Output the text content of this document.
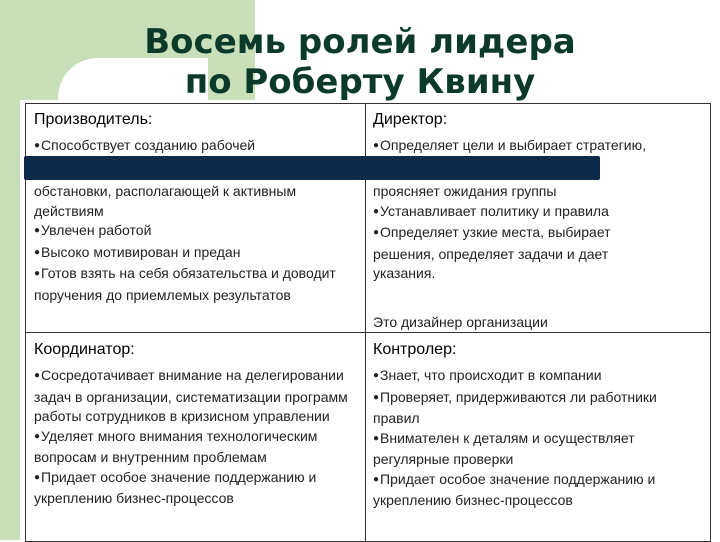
Восемь ролей лидера
по Роберту Квину
Производитель:
● Способствует созданию рабочей
обстановки, располагающей к активным действиям
● Увлечен работой
● Высоко мотивирован и предан
● Готов взять на себя обязательства и доводит поручения до приемлемых результатов
Директор:
● Определяет цели и выбирает стратегию,
проясняет ожидания группы
● Устанавливает политику и правила
● Определяет узкие места, выбирает решения, определяет задачи и дает указания.
Это дизайнер организации
Координатор:
● Сосредотачивает внимание на делегировании задач в организации, систематизации программ работы сотрудников в кризисном управлении
● Уделяет много внимания технологическим вопросам и внутренним проблемам
● Придает особое значение поддержанию и укреплению бизнес-процессов
Контролер:
● Знает, что происходит в компании
● Проверяет, придерживаются ли работники правил
● Внимателен к деталям и осуществляет регулярные проверки
● Придает особое значение поддержанию и укреплению бизнес-процессов
